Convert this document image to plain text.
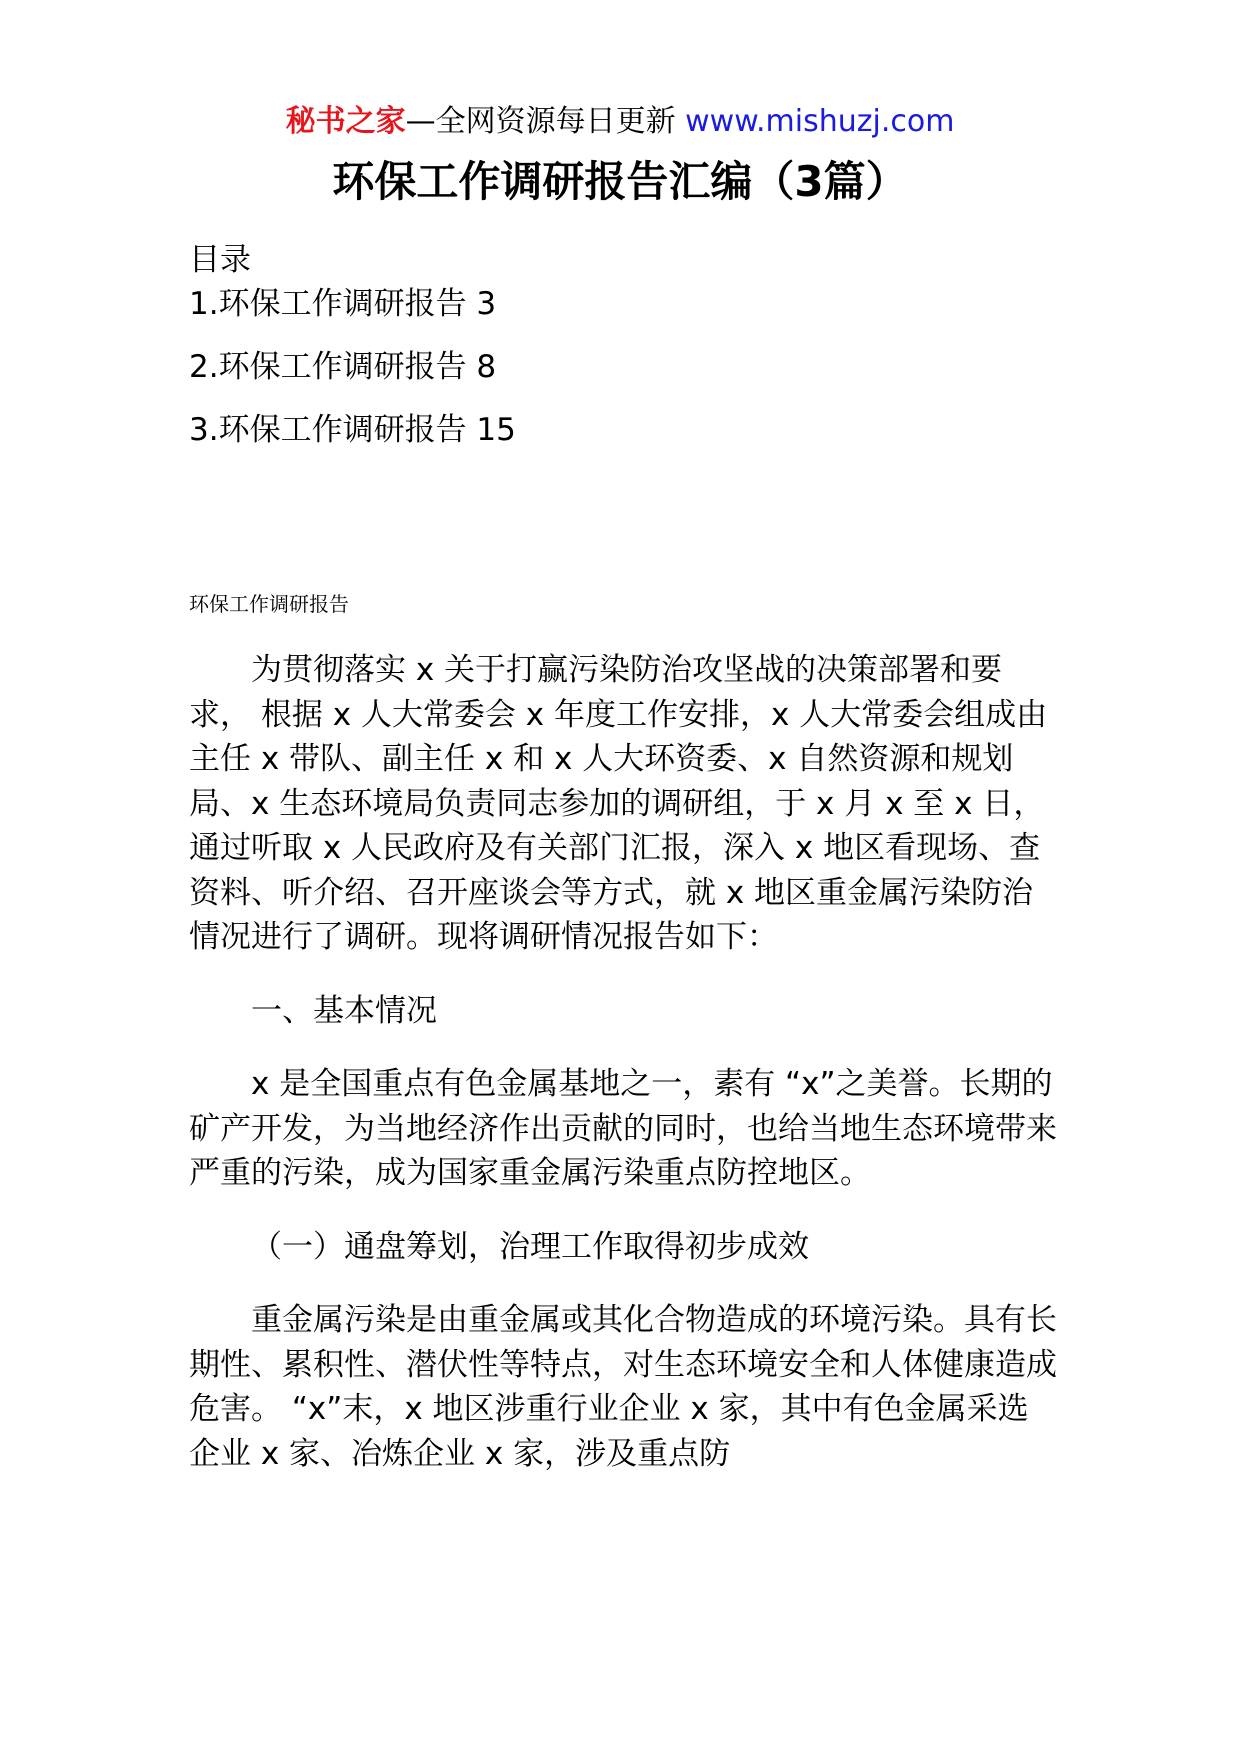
秘书之家—全网资源每日更新 www.mishuzj.com
环保工作调研报告汇编（3篇）
目录
1.环保工作调研报告 3
2.环保工作调研报告 8
3.环保工作调研报告 15
环保工作调研报告

为贯彻落实 x 关于打赢污染防治攻坚战的决策部署和要求， 根据 x 人大常委会 x 年度工作安排，x 人大常委会组成由主任 x 带队、副主任 x 和 x 人大环资委、x 自然资源和规划局、x 生态环境局负责同志参加的调研组，于 x 月 x 至 x 日，通过听取 x 人民政府及有关部门汇报，深入 x 地区看现场、查资料、听介绍、召开座谈会等方式，就 x 地区重金属污染防治情况进行了调研。现将调研情况报告如下：

一、基本情况

x 是全国重点有色金属基地之一，素有 “x”之美誉。长期的矿产开发，为当地经济作出贡献的同时，也给当地生态环境带来 严重的污染，成为国家重金属污染重点防控地区。

（一）通盘筹划，治理工作取得初步成效

重金属污染是由重金属或其化合物造成的环境污染。具有长 期性、累积性、潜伏性等特点，对生态环境安全和人体健康造成 危害。 “x”末，x 地区涉重行业企业 x 家，其中有色金属采选企业 x 家、冶炼企业 x 家，涉及重点防
